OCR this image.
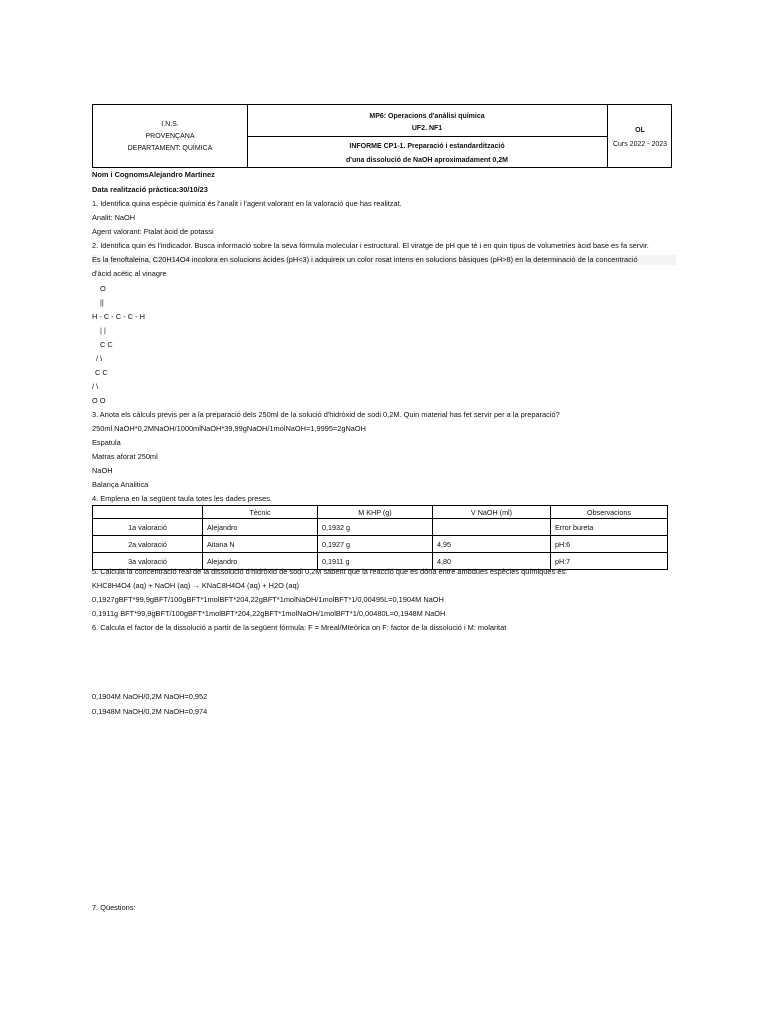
I.N.S.
PROVENÇANA
DEPARTAMENT: QUÍMICA
MP6: Operacions d'anàlisi química
UF2. NF1
INFORME CP1-1. Preparació i estandardització
d'una dissolució de NaOH aproximadament 0,2M
OL
Curs 2022 - 2023
Nom i CognomsAlejandro Martinez
Data realització pràctica:30/10/23
1. Identifica quina espècie química és l'analit i l'agent valorant en la valoració que has realitzat.
Analit: NaOH
Agent valorant: Ftalat àcid de potassi
2. Identifica quin és l'indicador. Busca informació sobre la seva fórmula molecular i estructural. El viratge de pH que té i en quin tipus de volumetries àcid base es fa servir.
Es la fenoftaleina, C20H14O4 incolora en solucions àcides (pH<3) i adquireix un color rosat intens en solucions bàsiques (pH>8) en la determinació de la concentració
d'àcid acètic al vinagre
O
||
H - C - C - C - H
| |
C C
/ \
C C
/ \
O O
3. Anota els càlculs previs per a la preparació dels 250ml de la solució d'hidròxid de sodi 0,2M. Quin material has fet servir per a la preparació?
250ml NaOH*0,2MNaOH/1000mlNaOH*39,99gNaOH/1molNaOH=1,9995=2gNaOH
Espatula
Matras aforat 250ml
NaOH
Balança Analitica
4. Emplena en la següent taula totes les dades preses.
	Tècnic	M KHP (g)	V NaOH (ml)	Observacions
1a valoració	Alejandro	0,1932 g		Error bureta
2a valoració	Aitana N	0,1927 g	4,95	pH:6
3a valoració	Alejandro	0,1911 g	4,80	pH:7
5. Calcula la concentració real de la dissolució d'hidròxid de sodi 0,2M sabent que la reacció que es dóna entre ambdues espècies químiques és:
KHC8H4O4 (aq) + NaOH (aq) → KNaC8H4O4 (aq) + H2O (aq)
0,1927gBFT*99,9gBFT/100gBFT*1molBFT*204,22gBFT*1molNaOH/1molBFT*1/0,00495L=0,1904M NaOH
0,1911g BFT*99,9gBFT/100gBFT*1molBFT*204,22gBFT*1molNaOH/1molBFT*1/0,00480L=0,1948M NaOH
6. Calcula el factor de la dissolució a partir de la següent fórmula: F = Mreal/Mteòrica on F: factor de la dissolució i M: molaritat
0,1904M NaOH/0,2M NaOH=0,952
0,1948M NaOH/0,2M NaOH=0,974
7. Qüestions:
